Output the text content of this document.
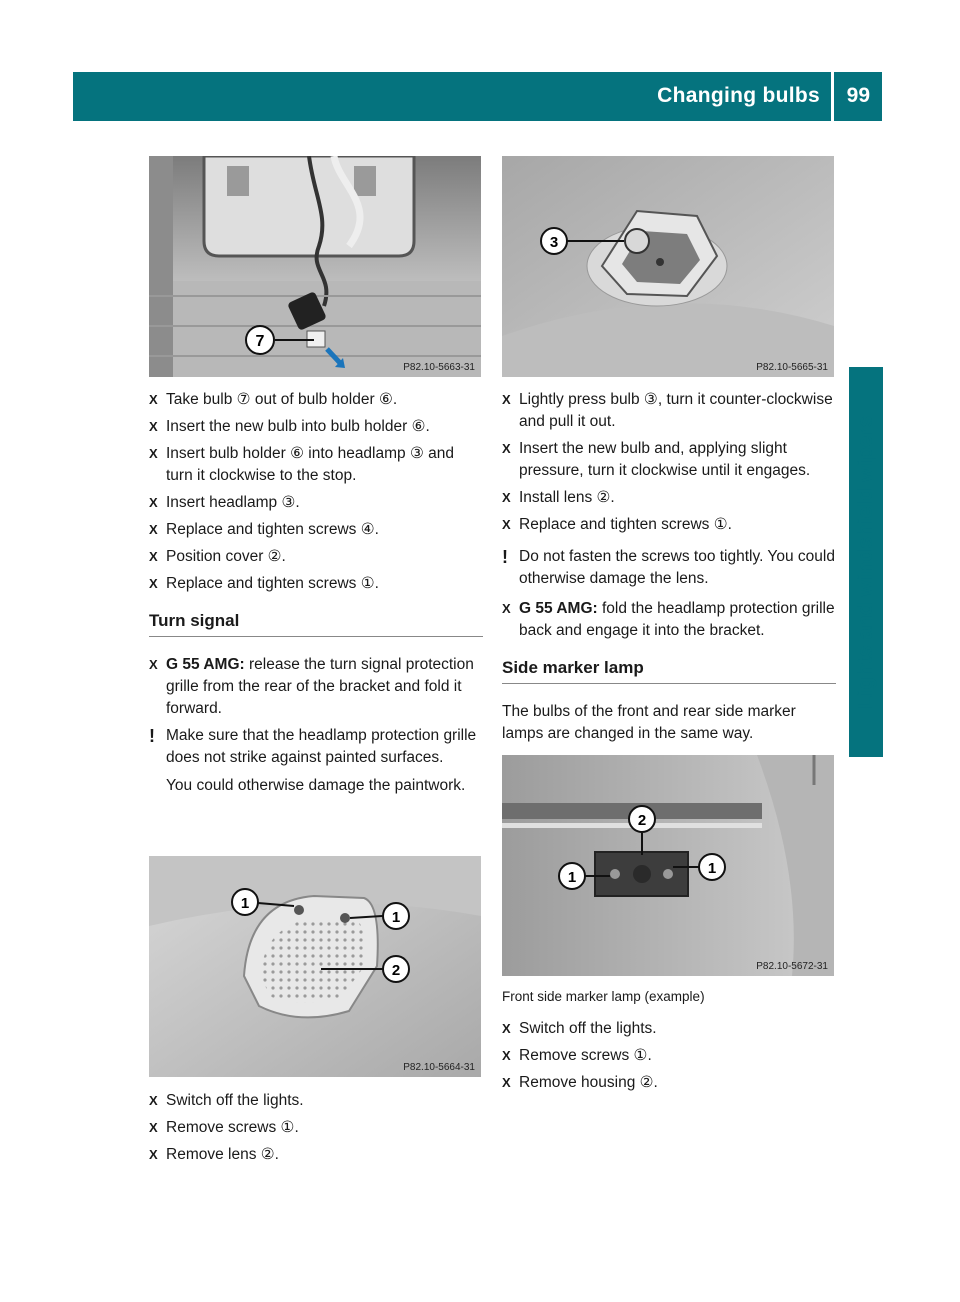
Changing bulbs 99
Lights and windshield wipers
7
P82.10-5663-31
1
1
2
P82.10-5664-31
3
P82.10-5665-31
2
1
1
P82.10-5672-31
X Take bulb ⑦ out of bulb holder ⑥.
X Insert the new bulb into bulb holder ⑥.
X Insert bulb holder ⑥ into headlamp ③ and turn it clockwise to the stop.
X Insert headlamp ③.
X Replace and tighten screws ④.
X Position cover ②.
X Replace and tighten screws ①.
Turn signal
X G 55 AMG: release the turn signal protection grille from the rear of the bracket and fold it forward.
! Make sure that the headlamp protection grille does not strike against painted surfaces.

You could otherwise damage the paintwork.

X Switch off the lights.
X Remove screws ①.
X Remove lens ②.
X Lightly press bulb ③, turn it counter-clockwise and pull it out.
X Insert the new bulb and, applying slight pressure, turn it clockwise until it engages.
X Install lens ②.
X Replace and tighten screws ①.
! Do not fasten the screws too tightly. You could otherwise damage the lens.

X G 55 AMG: fold the headlamp protection grille back and engage it into the bracket.
Side marker lamp
The bulbs of the front and rear side marker lamps are changed in the same way.
Front side marker lamp (example)
X Switch off the lights.
X Remove screws ①.
X Remove housing ②.
